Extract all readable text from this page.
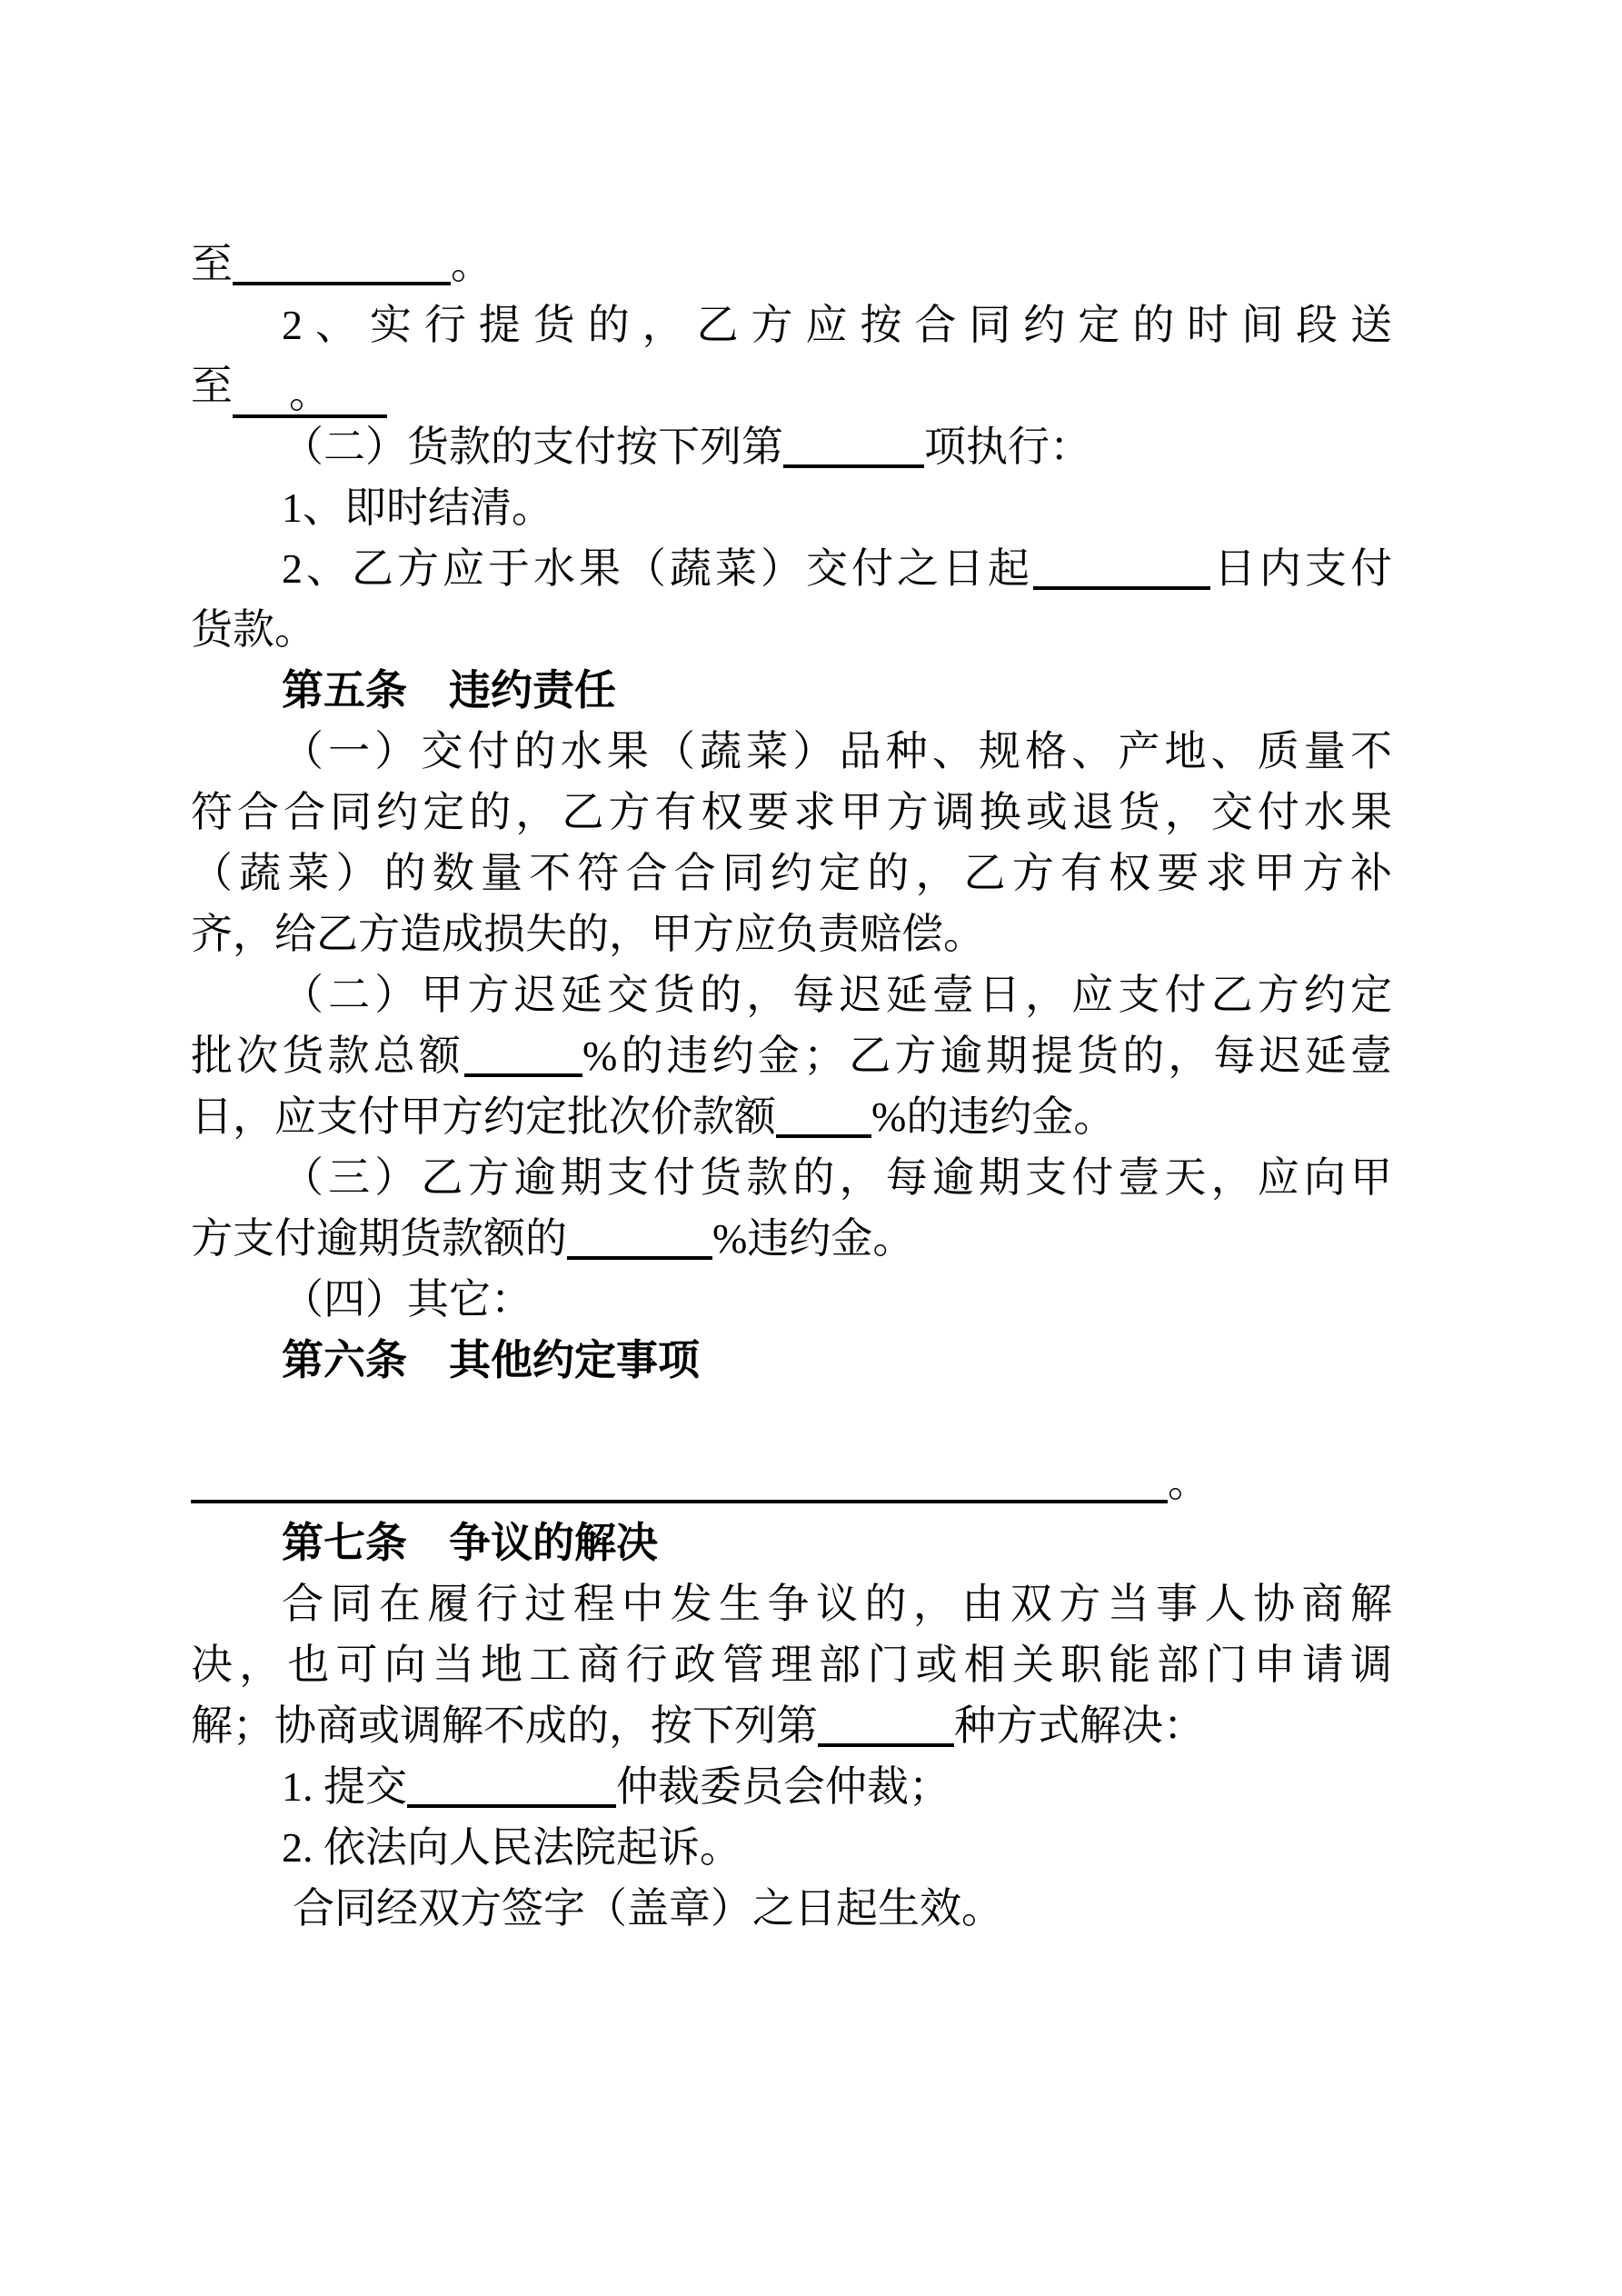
至	。
2、实行提货的，乙方应按合同约定的时间段送
至 。
（二）货款的支付按下列第	项执行：
1、即时结清。
2、乙方应于水果（蔬菜）交付之日起	日内支付
货款。
第五条　违约责任
（一）交付的水果（蔬菜）品种、规格、产地、质量不
符合合同约定的，乙方有权要求甲方调换或退货，交付水果
（蔬菜）的数量不符合合同约定的，乙方有权要求甲方补
齐，给乙方造成损失的，甲方应负责赔偿。
（二）甲方迟延交货的，每迟延壹日，应支付乙方约定
批次货款总额	%的违约金；乙方逾期提货的，每迟延壹
日，应支付甲方约定批次价款额 %的违约金。
（三）乙方逾期支付货款的，每逾期支付壹天，应向甲
方支付逾期货款额的	%违约金。
（四）其它：
第六条　其他约定事项

。
第七条　争议的解决
合同在履行过程中发生争议的，由双方当事人协商解
决，也可向当地工商行政管理部门或相关职能部门申请调
解；协商或调解不成的，按下列第	种方式解决：
1. 提交	仲裁委员会仲裁；
2. 依法向人民法院起诉。
合同经双方签字（盖章）之日起生效。
